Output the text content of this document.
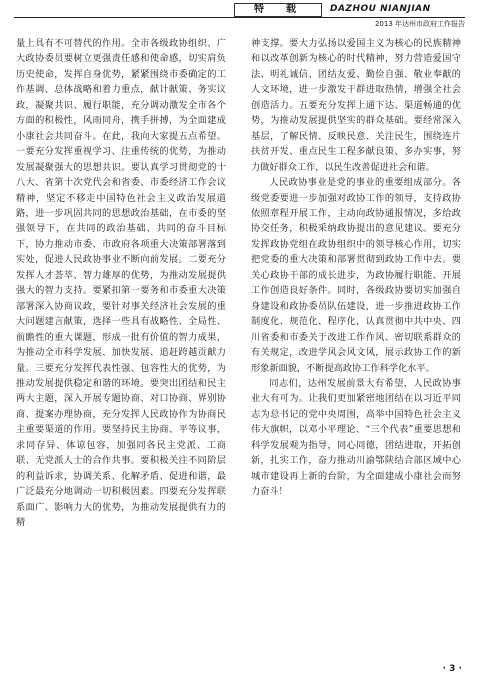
特　载	DAZHOU NIANJIAN
2013 年达州市政府工作报告

量上具有不可替代的作用。全市各级政协组织、广大政协委员要树立更强责任感和使命感，切实肩负历史使命，发挥自身优势，紧紧围绕市委确定的工作基调、总体战略和着力重点，献计献策、务实议政，凝聚共识、履行职能，充分调动激发全市各个方面的积极性，风雨同舟，携手拼搏，为全面建成小康社会共同奋斗。在此，我向大家提五点希望。一要充分发挥重视学习、注重传统的优势，为推动发展凝聚强大的思想共识。要认真学习贯彻党的十八大、省第十次党代会和省委、市委经济工作会议精神，坚定不移走中国特色社会主义政治发展道路，进一步巩固共同的思想政治基础，在市委的坚强领导下，在共同的政治基础、共同的奋斗目标下，协力推动市委、市政府各项重大决策部署落到实处，促进人民政协事业不断向前发展。二要充分发挥人才荟萃、智力雄厚的优势，为推动发展提供强大的智力支持。要紧扣第一要务和市委重大决策部署深入协商议政，要针对事关经济社会发展的重大问题建言献策，选择一些具有战略性、全局性、前瞻性的重大课题，形成一批有价值的智力成果，为推动全市科学发展、加快发展、追赶跨越贡献力量。三要充分发挥代表性强、包容性大的优势，为推动发展提供稳定和谐的环境。要突出团结和民主两大主题，深入开展专题协商、对口协商、界别协商、提案办理协商，充分发挥人民政协作为协商民主重要渠道的作用。要坚持民主协商、平等议事，求同存异、体谅包容，加强同各民主党派、工商联、无党派人士的合作共事。要积极关注不同阶层的利益诉求，协调关系、化解矛盾、促进和谐，最广泛最充分地调动一切积极因素。四要充分发挥联系面广、影响力大的优势，为推动发展提供有力的精

神支撑。要大力弘扬以爱国主义为核心的民族精神和以改革创新为核心的时代精神，努力营造爱国守法、明礼诚信、团结友爱、勤俭自强、敬业奉献的人文环境，进一步激发干群进取热情，增强全社会创造活力。五要充分发挥上通下达、渠道畅通的优势，为推动发展提供坚实的群众基础。要经常深入基层，了解民情、反映民意、关注民生，围绕连片扶贫开发、重点民生工程多献良策、多办实事，努力做好群众工作，以民生改善促进社会和谐。

人民政协事业是党的事业的重要组成部分。各级党委要进一步加强对政协工作的领导，支持政协依照章程开展工作，主动向政协通报情况，多给政协交任务，积极采纳政协提出的意见建议。要充分发挥政协党组在政协组织中的领导核心作用，切实把党委的重大决策和部署贯彻到政协工作中去。要关心政协干部的成长进步，为政协履行职能、开展工作创造良好条件。同时，各级政协要切实加强自身建设和政协委员队伍建设，进一步推进政协工作制度化、规范化、程序化，认真贯彻中共中央、四川省委和市委关于改进工作作风、密切联系群众的有关规定，改进学风会风文风，展示政协工作的新形象新面貌，不断提高政协工作科学化水平。

同志们，达州发展前景大有希望，人民政协事业大有可为。让我们更加紧密地团结在以习近平同志为总书记的党中央周围，高举中国特色社会主义伟大旗帜，以邓小平理论、“三个代表”重要思想和科学发展观为指导，同心同德，团结进取，开拓创新，扎实工作，奋力推动川渝鄂陕结合部区域中心城市建设再上新的台阶，为全面建成小康社会而努力奋斗！

· 3 ·
